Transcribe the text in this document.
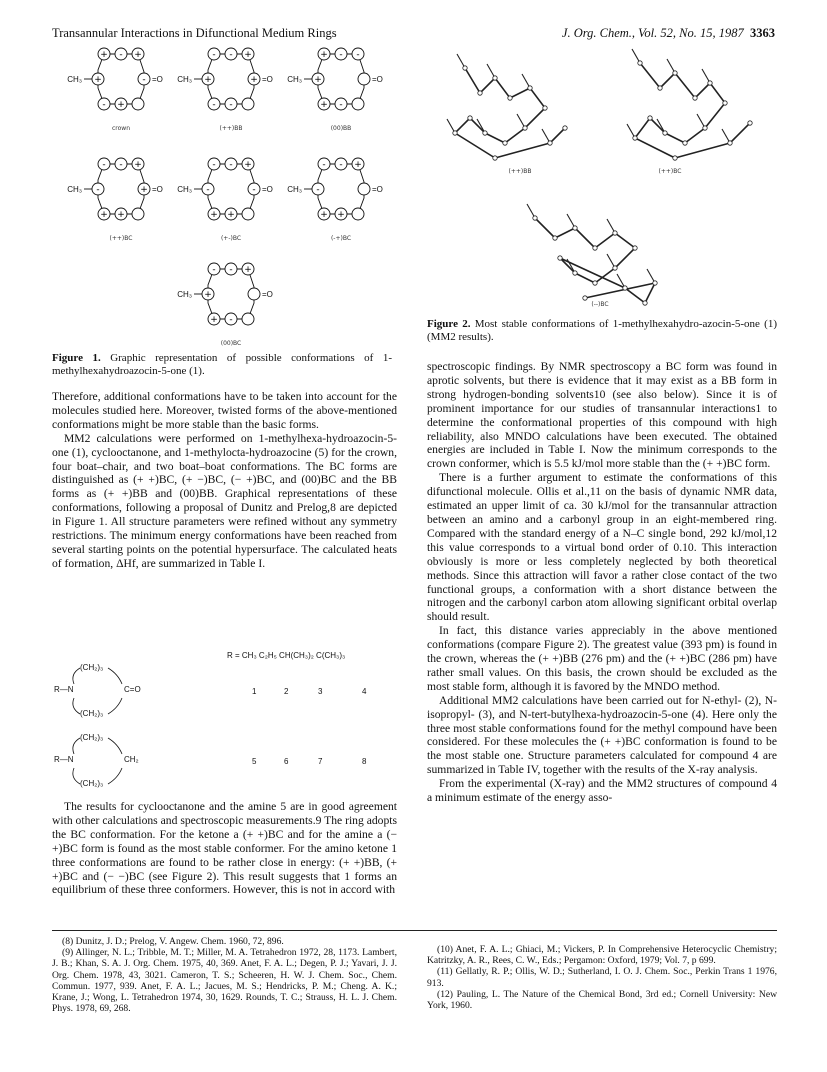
Transannular Interactions in Difunctional Medium Rings	J. Org. Chem., Vol. 52, No. 15, 1987 3363
+ - +
+
-
+	-
CH₃	=O
crown
- - +
-
-
+	+
CH₃	=O
(++)BB
+ - -
-
+
+
CH₃	=O
(00)BB
- - +
+
+
-	+
CH₃	=O
(++)BC
- - +
+
+
-	-
CH₃	=O
(+-)BC
- - +
+
+
-
CH₃	=O
(-+)BC
- - +
-
+
+
CH₃	=O
(00)BC
Figure 1. Graphic representation of possible conformations of 1-methylhexahydroazocin-5-one (1).
(++)BB	(++)BC
(--)BC
Figure 2. Most stable conformations of 1-methylhexahydro-azocin-5-one (1) (MM2 results).

Therefore, additional conformations have to be taken into account for the molecules studied here. Moreover, twisted forms of the above-mentioned conformations might be more stable than the basic forms.

MM2 calculations were performed on 1-methylhexa-hydroazocin-5-one (1), cyclooctanone, and 1-methylocta-hydroazocine (5) for the crown, four boat–chair, and two boat–boat conformations. The BC forms are distinguished as (+ +)BC, (+ −)BC, (− +)BC, and (00)BC and the BB forms as (+ +)BB and (00)BB. Graphical representations of these conformations, following a proposal of Dunitz and Prelog,8 are depicted in Figure 1. All structure parameters were refined without any symmetry restrictions. The minimum energy conformations have been reached from several starting points on the potential hypersurface. The calculated heats of formation, ΔHf, are summarized in Table I.

R = CH₃ C₂H₅ CH(CH₃)₂ C(CH₃)₃
(CH₂)₃
R—N	C=O
(CH₂)₃
(CH₂)₃
R—N	CH₂
(CH₂)₃
1	2	3	4
5	6	7	8

The results for cyclooctanone and the amine 5 are in good agreement with other calculations and spectroscopic measurements.9 The ring adopts the BC conformation. For the ketone a (+ +)BC and for the amine a (− +)BC form is found as the most stable conformer. For the amino ketone 1 three conformations are found to be rather close in energy: (+ +)BB, (+ +)BC and (− −)BC (see Figure 2). This result suggests that 1 forms an equilibrium of these three conformers. However, this is not in accord with

spectroscopic findings. By NMR spectroscopy a BC form was found in aprotic solvents, but there is evidence that it may exist as a BB form in strong hydrogen-bonding solvents10 (see also below). Since it is of prominent importance for our studies of transannular interactions1 to determine the conformational properties of this compound with high reliability, also MNDO calculations have been executed. The obtained energies are included in Table I. Now the minimum corresponds to the crown conformer, which is 5.5 kJ/mol more stable than the (+ +)BC form.

There is a further argument to estimate the conformations of this difunctional molecule. Ollis et al.,11 on the basis of dynamic NMR data, estimated an upper limit of ca. 30 kJ/mol for the transannular attraction between an amino and a carbonyl group in an eight-membered ring. Compared with the standard energy of a N–C single bond, 292 kJ/mol,12 this value corresponds to a virtual bond order of 0.10. This interaction obviously is more or less completely neglected by both theoretical methods. Since this attraction will favor a rather close contact of the two functional groups, a conformation with a short distance between the nitrogen and the carbonyl carbon atom allowing significant orbital overlap should result.

In fact, this distance varies appreciably in the above mentioned conformations (compare Figure 2). The greatest value (393 pm) is found in the crown, whereas the (+ +)BB (276 pm) and the (+ +)BC (286 pm) have rather small values. On this basis, the crown should be excluded as the most stable form, although it is favored by the MNDO method.

Additional MM2 calculations have been carried out for N-ethyl- (2), N-isopropyl- (3), and N-tert-butylhexa-hydroazocin-5-one (4). Here only the three most stable conformations found for the methyl compound have been considered. For these molecules the (+ +)BC conformation is found to be the most stable one. Structure parameters calculated for compound 4 are summarized in Table IV, together with the results of the X-ray analysis.

From the experimental (X-ray) and the MM2 structures of compound 4 a minimum estimate of the energy asso-

(8) Dunitz, J. D.; Prelog, V. Angew. Chem. 1960, 72, 896.

(9) Allinger, N. L.; Tribble, M. T.; Miller, M. A. Tetrahedron 1972, 28, 1173. Lambert, J. B.; Khan, S. A. J. Org. Chem. 1975, 40, 369. Anet, F. A. L.; Degen, P. J.; Yavari, J. J. Org. Chem. 1978, 43, 3021. Cameron, T. S.; Scheeren, H. W. J. Chem. Soc., Chem. Commun. 1977, 939. Anet, F. A. L.; Jacues, M. S.; Hendricks, P. M.; Cheng. A. K.; Krane, J.; Wong, L. Tetrahedron 1974, 30, 1629. Rounds, T. C.; Strauss, H. L. J. Chem. Phys. 1978, 69, 268.

(10) Anet, F. A. L.; Ghiaci, M.; Vickers, P. In Comprehensive Heterocyclic Chemistry; Katritzky, A. R., Rees, C. W., Eds.; Pergamon: Oxford, 1979; Vol. 7, p 699.

(11) Gellatly, R. P.; Ollis, W. D.; Sutherland, I. O. J. Chem. Soc., Perkin Trans 1 1976, 913.

(12) Pauling, L. The Nature of the Chemical Bond, 3rd ed.; Cornell University: New York, 1960.
